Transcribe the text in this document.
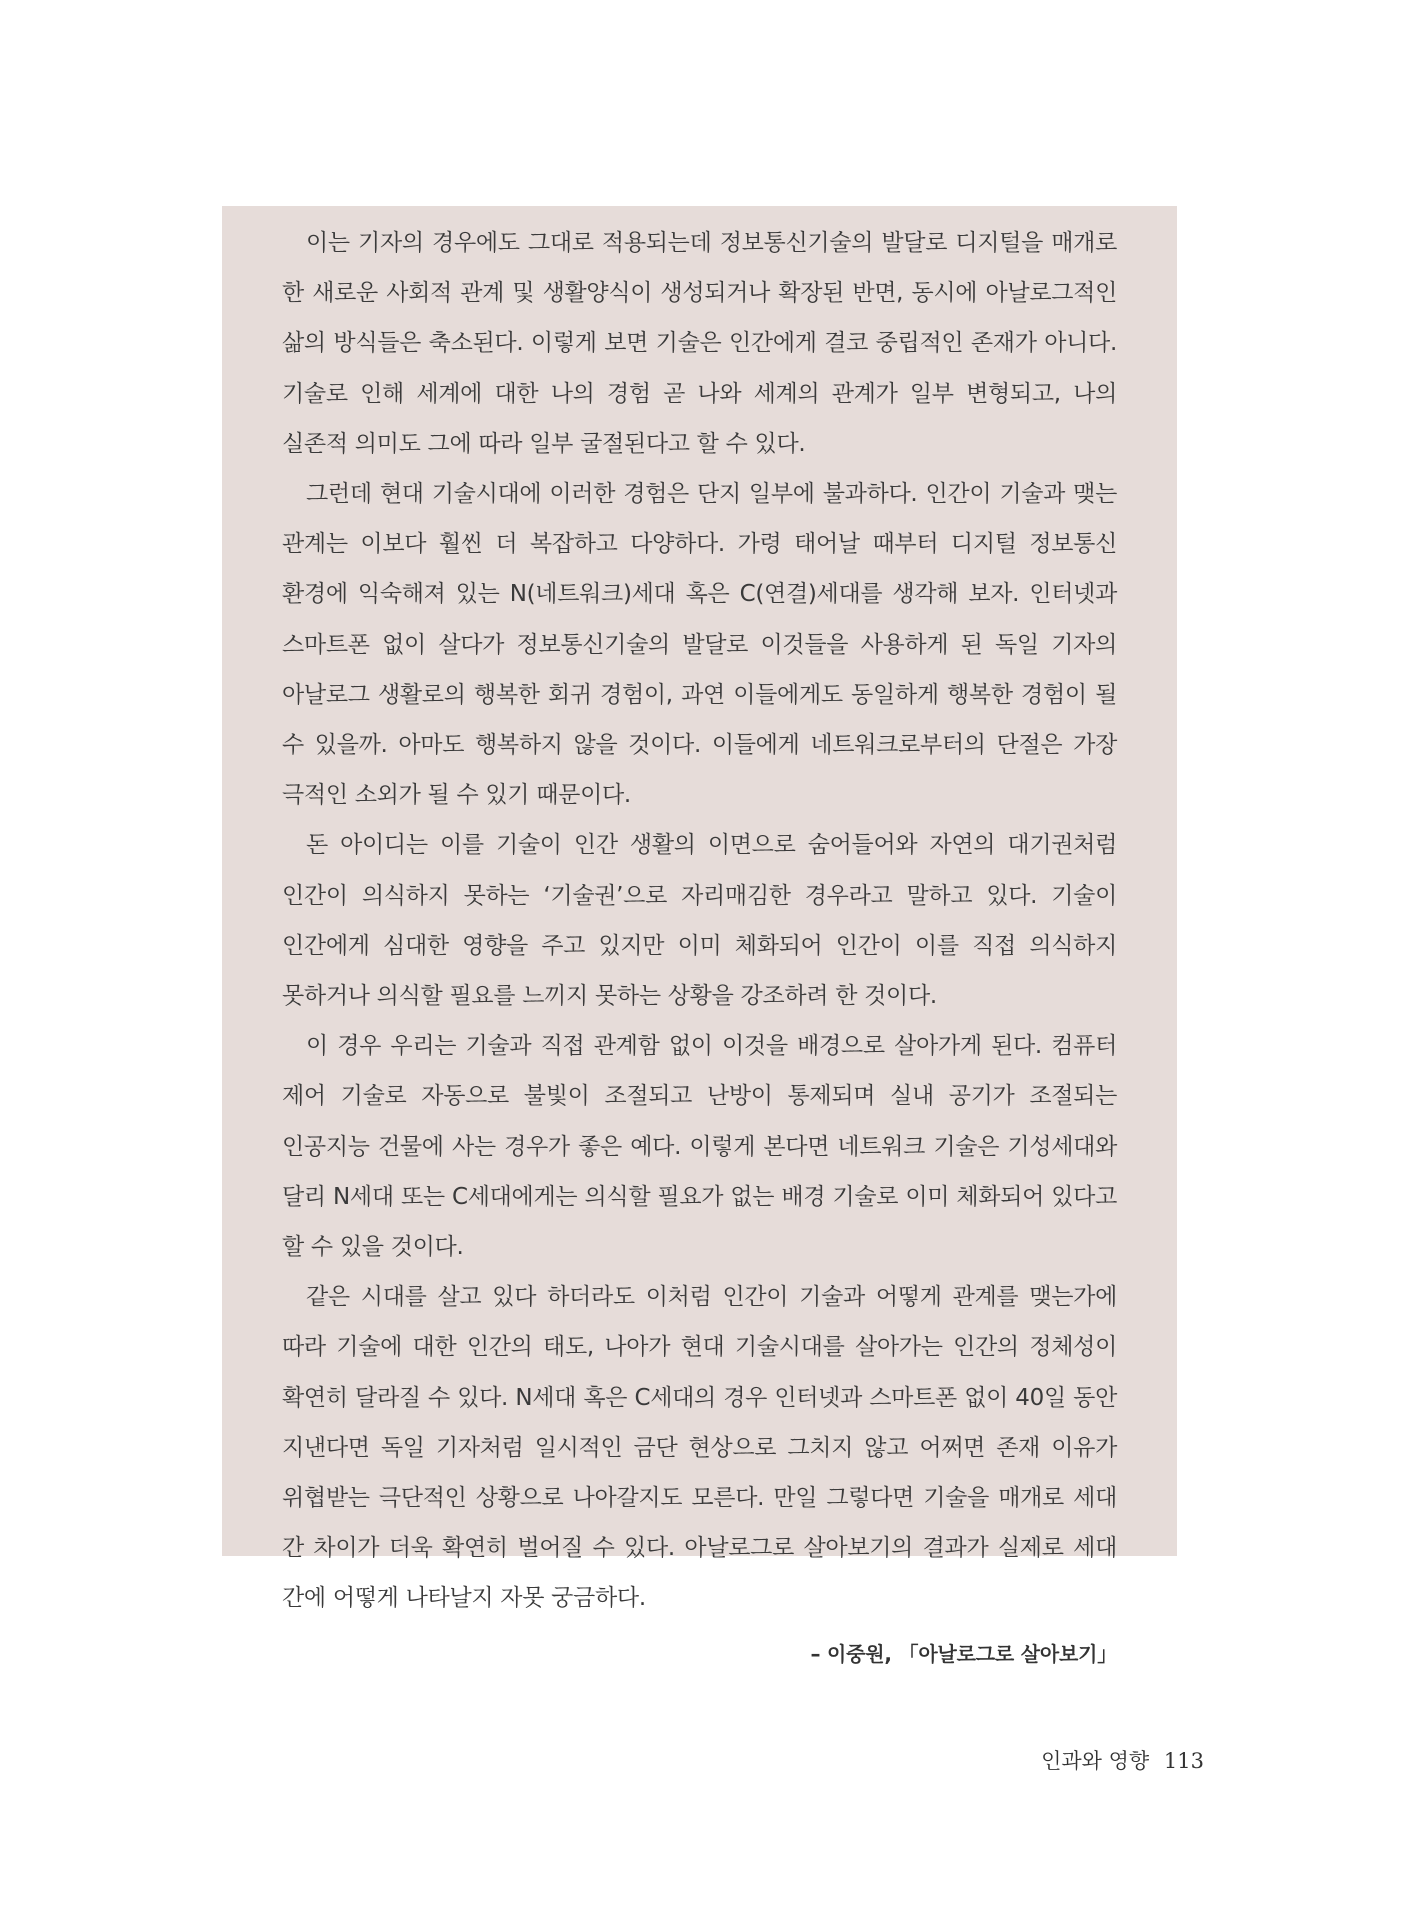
이는 기자의 경우에도 그대로 적용되는데 정보통신기술의 발달로 디지털을 매개로 한 새로운 사회적 관계 및 생활양식이 생성되거나 확장된 반면, 동시에 아날로그적인 삶의 방식들은 축소된다. 이렇게 보면 기술은 인간에게 결코 중립적인 존재가 아니다. 기술로 인해 세계에 대한 나의 경험 곧 나와 세계의 관계가 일부 변형되고, 나의 실존적 의미도 그에 따라 일부 굴절된다고 할 수 있다.

그런데 현대 기술시대에 이러한 경험은 단지 일부에 불과하다. 인간이 기술과 맺는 관계는 이보다 훨씬 더 복잡하고 다양하다. 가령 태어날 때부터 디지털 정보통신 환경에 익숙해져 있는 N(네트워크)세대 혹은 C(연결)세대를 생각해 보자. 인터넷과 스마트폰 없이 살다가 정보통신기술의 발달로 이것들을 사용하게 된 독일 기자의 아날로그 생활로의 행복한 회귀 경험이, 과연 이들에게도 동일하게 행복한 경험이 될 수 있을까. 아마도 행복하지 않을 것이다. 이들에게 네트워크로부터의 단절은 가장 극적인 소외가 될 수 있기 때문이다.

돈 아이디는 이를 기술이 인간 생활의 이면으로 숨어들어와 자연의 대기권처럼 인간이 의식하지 못하는 ‘기술권’으로 자리매김한 경우라고 말하고 있다. 기술이 인간에게 심대한 영향을 주고 있지만 이미 체화되어 인간이 이를 직접 의식하지 못하거나 의식할 필요를 느끼지 못하는 상황을 강조하려 한 것이다.

이 경우 우리는 기술과 직접 관계함 없이 이것을 배경으로 살아가게 된다. 컴퓨터 제어 기술로 자동으로 불빛이 조절되고 난방이 통제되며 실내 공기가 조절되는 인공지능 건물에 사는 경우가 좋은 예다. 이렇게 본다면 네트워크 기술은 기성세대와 달리 N세대 또는 C세대에게는 의식할 필요가 없는 배경 기술로 이미 체화되어 있다고 할 수 있을 것이다.

같은 시대를 살고 있다 하더라도 이처럼 인간이 기술과 어떻게 관계를 맺는가에 따라 기술에 대한 인간의 태도, 나아가 현대 기술시대를 살아가는 인간의 정체성이 확연히 달라질 수 있다. N세대 혹은 C세대의 경우 인터넷과 스마트폰 없이 40일 동안 지낸다면 독일 기자처럼 일시적인 금단 현상으로 그치지 않고 어쩌면 존재 이유가 위협받는 극단적인 상황으로 나아갈지도 모른다. 만일 그렇다면 기술을 매개로 세대 간 차이가 더욱 확연히 벌어질 수 있다. 아날로그로 살아보기의 결과가 실제로 세대 간에 어떻게 나타날지 자못 궁금하다.

– 이중원, 「아날로그로 살아보기」

인과와 영향 113
